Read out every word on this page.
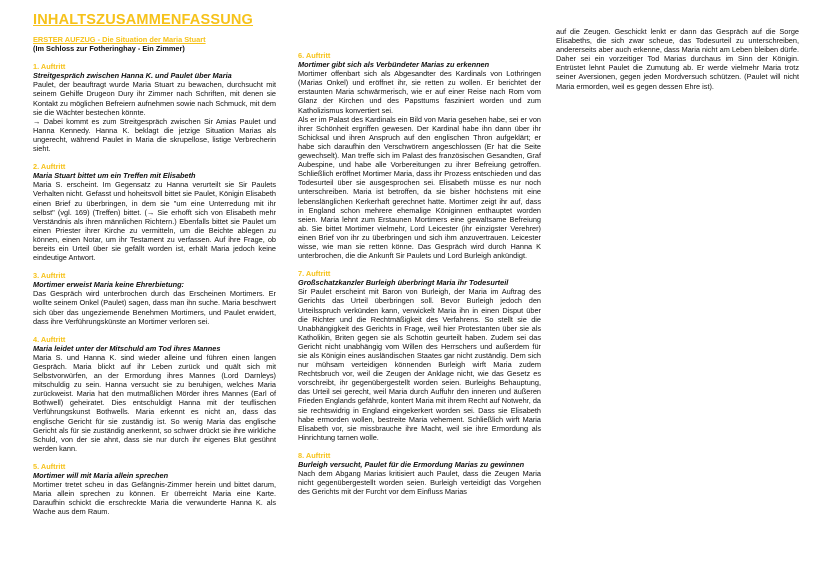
INHALTSZUSAMMENFASSUNG
ERSTER AUFZUG - Die Situation der Maria Stuart
(Im Schloss zur Fotheringhay - Ein Zimmer)
1. Auftritt
Streitgespräch zwischen Hanna K. und Paulet über Maria

Paulet, der beauftragt wurde Maria Stuart zu bewachen, durchsucht mit seinem Gehilfe Drugeon Dury ihr Zimmer nach Schriften, mit denen sie Kontakt zu möglichen Befreiern aufnehmen sowie nach Schmuck, mit dem sie die Wächter bestechen könnte.

→ Dabei kommt es zum Streitgespräch zwischen Sir Amias Paulet und Hanna Kennedy. Hanna K. beklagt die jetzige Situation Marias als ungerecht, während Paulet in Maria die skrupellose, listige Verbrecherin sieht.

2. Auftritt
Maria Stuart bittet um ein Treffen mit Elisabeth

Maria S. erscheint. Im Gegensatz zu Hanna verurteilt sie Sir Paulets Verhalten nicht. Gefasst und hoheitsvoll bittet sie Paulet, Königin Elisabeth einen Brief zu überbringen, in dem sie "um eine Unterredung mit ihr selbst" (vgl. 169) (Treffen) bittet. (→ Sie erhofft sich von Elisabeth mehr Verständnis als ihren männlichen Richtern.) Ebenfalls bittet sie Paulet um einen Priester ihrer Kirche zu vermitteln, um die Beichte ablegen zu können, einen Notar, um ihr Testament zu verfassen. Auf ihre Frage, ob bereits ein Urteil über sie gefällt worden ist, erhält Maria jedoch keine eindeutige Antwort.

3. Auftritt
Mortimer erweist Maria keine Ehrerbietung:

Das Gespräch wird unterbrochen durch das Erscheinen Mortimers. Er wollte seinem Onkel (Paulet) sagen, dass man ihn suche. Maria beschwert sich über das ungeziemende Benehmen Mortimers, und Paulet erwidert, dass ihre Verführungskünste an Mortimer verloren sei.

4. Auftritt
Maria leidet unter der Mitschuld am Tod ihres Mannes

Maria S. und Hanna K. sind wieder alleine und führen einen langen Gespräch. Maria blickt auf ihr Leben zurück und quält sich mit Selbstvorwürfen, an der Ermordung ihres Mannes (Lord Darnleys) mitschuldig zu sein. Hanna versucht sie zu beruhigen, welches Maria zurückweist. Maria hat den mutmaßlichen Mörder ihres Mannes (Earl of Bothwell) geheiratet. Dies entschuldigt Hanna mit der teuflischen Verführungskunst Bothwells. Maria erkennt es nicht an, dass das englische Gericht für sie zuständig ist. So wenig Maria das englische Gericht als für sie zuständig anerkennt, so schwer drückt sie ihre wirkliche Schuld, von der sie ahnt, dass sie nur durch ihr eigenes Blut gesühnt werden kann.

5. Auftritt
Mortimer will mit Maria allein sprechen

Mortimer tretet scheu in das Gefängnis-Zimmer herein und bittet darum, Maria allein sprechen zu können. Er überreicht Maria eine Karte. Daraufhin schickt die erschreckte Maria die verwunderte Hanna K. als Wache aus dem Raum.

6. Auftritt
Mortimer gibt sich als Verbündeter Marias zu erkennen

Mortimer offenbart sich als Abgesandter des Kardinals von Lothringen (Marias Onkel) und eröffnet ihr, sie retten zu wollen. Er berichtet der erstaunten Maria schwärmerisch, wie er auf einer Reise nach Rom vom Glanz der Kirchen und des Papsttums fasziniert worden und zum Katholizismus konvertiert sei.

Als er im Palast des Kardinals ein Bild von Maria gesehen habe, sei er von ihrer Schönheit ergriffen gewesen. Der Kardinal habe ihn dann über ihr Schicksal und ihren Anspruch auf den englischen Thron aufgeklärt; er habe sich daraufhin den Verschwörern angeschlossen (Er hat die Seite gewechselt). Man treffe sich im Palast des französischen Gesandten, Graf Aubespine, und habe alle Vorbereitungen zu ihrer Befreiung getroffen. Schließlich eröffnet Mortimer Maria, dass ihr Prozess entschieden und das Todesurteil über sie ausgesprochen sei. Elisabeth müsse es nur noch unterschreiben. Maria ist betroffen, da sie bisher höchstens mit eine lebenslänglichen Kerkerhaft gerechnet hatte. Mortimer zeigt ihr auf, dass in England schon mehrere ehemalige Königinnen enthauptet worden seien. Maria lehnt zum Erstaunen Mortimers eine gewaltsame Befreiung ab. Sie bittet Mortimer vielmehr, Lord Leicester (ihr einzigster Verehrer) einen Brief von ihr zu überbringen und sich ihm anzuvertrauen. Leicester wisse, wie man sie retten könne. Das Gespräch wird durch Hanna K unterbrochen, die die Ankunft Sir Paulets und Lord Burleigh ankündigt.

7. Auftritt
Großschatzkanzler Burleigh überbringt Maria ihr Todesurteil

Sir Paulet erscheint mit Baron von Burleigh, der Maria im Auftrag des Gerichts das Urteil überbringen soll. Bevor Burleigh jedoch den Urteilsspruch verkünden kann, verwickelt Maria ihn in einen Disput über die Richter und die Rechtmäßigkeit des Verfahrens. So stellt sie die Unabhängigkeit des Gerichts in Frage, weil hier Protestanten über sie als Katholikin, Briten gegen sie als Schottin geurteilt haben. Zudem sei das Gericht nicht unabhängig vom Willen des Herrschers und außerdem für sie als Königin eines ausländischen Staates gar nicht zuständig. Dem sich nur mühsam verteidigen könnenden Burleigh wirft Maria zudem Rechtsbruch vor, weil die Zeugen der Anklage nicht, wie das Gesetz es vorschreibt, ihr gegenübergestellt worden seien. Burleighs Behauptung, das Urteil sei gerecht, weil Maria durch Auffuhr den inneren und äußeren Frieden Englands gefährde, kontert Maria mit ihrem Recht auf Notwehr, da sie rechtswidrig in England eingekerkert worden sei. Dass sie Elisabeth habe ermorden wollen, bestreite Maria vehement. Schließlich wirft Maria Elisabeth vor, sie missbrauche ihre Macht, weil sie ihre Ermordung als Hinrichtung tarnen wolle.

8. Auftritt
Burleigh versucht, Paulet für die Ermordung Marias zu gewinnen

Nach dem Abgang Marias kritisiert auch Paulet, dass die Zeugen Maria nicht gegenübergestellt worden seien. Burleigh verteidigt das Vorgehen des Gerichts mit der Furcht vor dem Einfluss Marias

auf die Zeugen. Geschickt lenkt er dann das Gespräch auf die Sorge Elisabeths, die sich zwar scheue, das Todesurteil zu unterschreiben, andererseits aber auch erkenne, dass Maria nicht am Leben bleiben dürfe. Daher sei ein vorzeitiger Tod Marias durchaus im Sinn der Königin. Entrüstet lehnt Paulet die Zumutung ab. Er werde vielmehr Maria trotz seiner Aversionen, gegen jeden Mordversuch schützen. (Paulet will nicht Maria ermorden, weil es gegen dessen Ehre ist).
